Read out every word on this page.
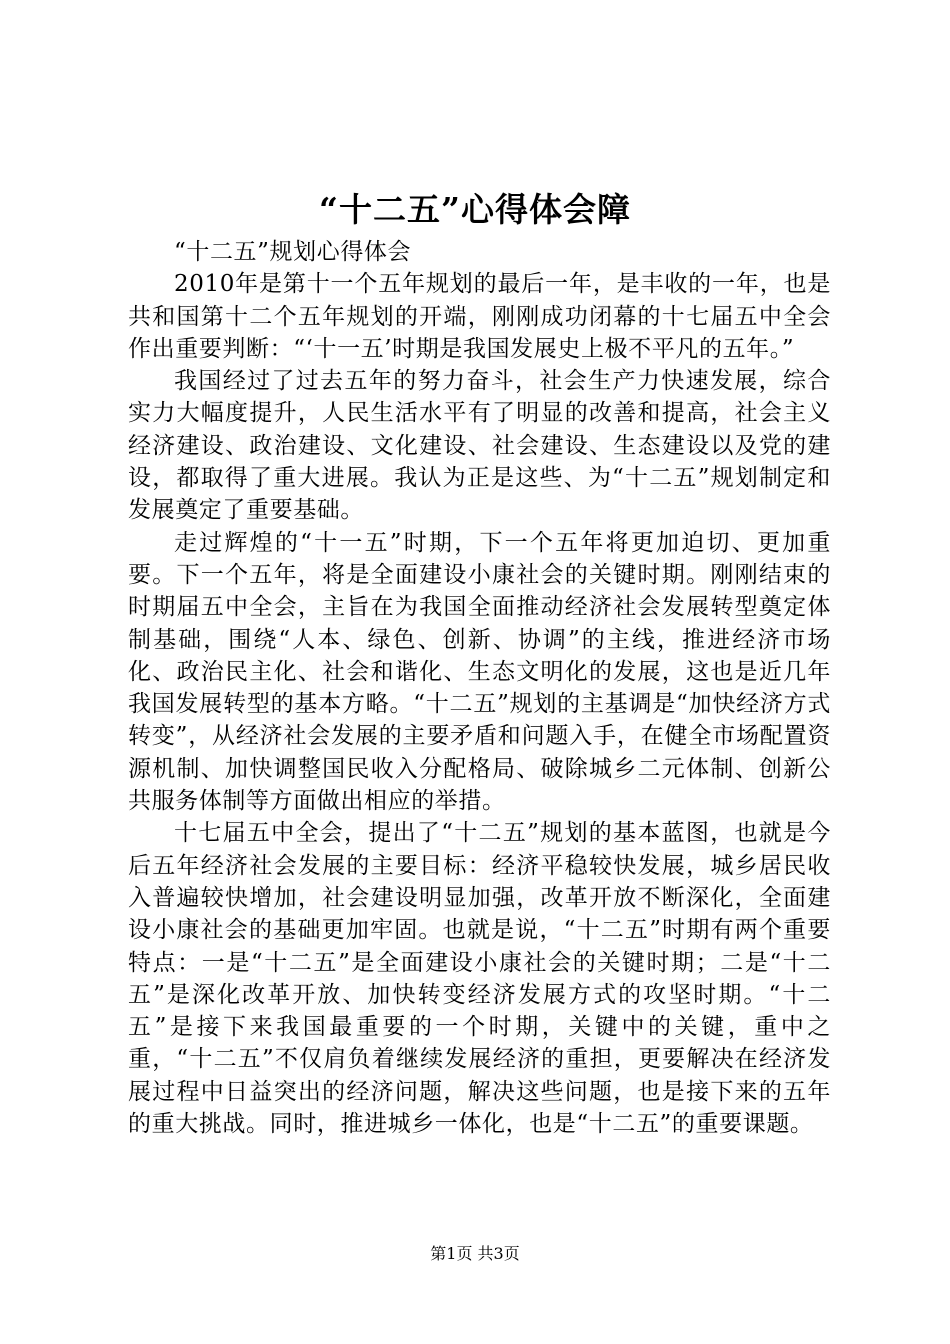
“十二五”心得体会障

“十二五”规划心得体会

2010年是第十一个五年规划的最后一年，是丰收的一年，也是共和国第十二个五年规划的开端，刚刚成功闭幕的十七届五中全会作出重要判断：“‘十一五’时期是我国发展史上极不平凡的五年。”

我国经过了过去五年的努力奋斗，社会生产力快速发展，综合实力大幅度提升，人民生活水平有了明显的改善和提高，社会主义经济建设、政治建设、文化建设、社会建设、生态建设以及党的建设，都取得了重大进展。我认为正是这些、为“十二五”规划制定和发展奠定了重要基础。

走过辉煌的“十一五”时期，下一个五年将更加迫切、更加重要。下一个五年，将是全面建设小康社会的关键时期。刚刚结束的时期届五中全会，主旨在为我国全面推动经济社会发展转型奠定体制基础，围绕“人本、绿色、创新、协调”的主线，推进经济市场化、政治民主化、社会和谐化、生态文明化的发展，这也是近几年我国发展转型的基本方略。“十二五”规划的主基调是“加快经济方式转变”，从经济社会发展的主要矛盾和问题入手，在健全市场配置资源机制、加快调整国民收入分配格局、破除城乡二元体制、创新公共服务体制等方面做出相应的举措。

十七届五中全会，提出了“十二五”规划的基本蓝图，也就是今后五年经济社会发展的主要目标：经济平稳较快发展，城乡居民收入普遍较快增加，社会建设明显加强，改革开放不断深化，全面建设小康社会的基础更加牢固。也就是说，“十二五”时期有两个重要特点：一是“十二五”是全面建设小康社会的关键时期；二是“十二五”是深化改革开放、加快转变经济发展方式的攻坚时期。“十二五”是接下来我国最重要的一个时期，关键中的关键，重中之重，“十二五”不仅肩负着继续发展经济的重担，更要解决在经济发展过程中日益突出的经济问题，解决这些问题，也是接下来的五年的重大挑战。同时，推进城乡一体化，也是“十二五”的重要课题。

第1页 共3页
